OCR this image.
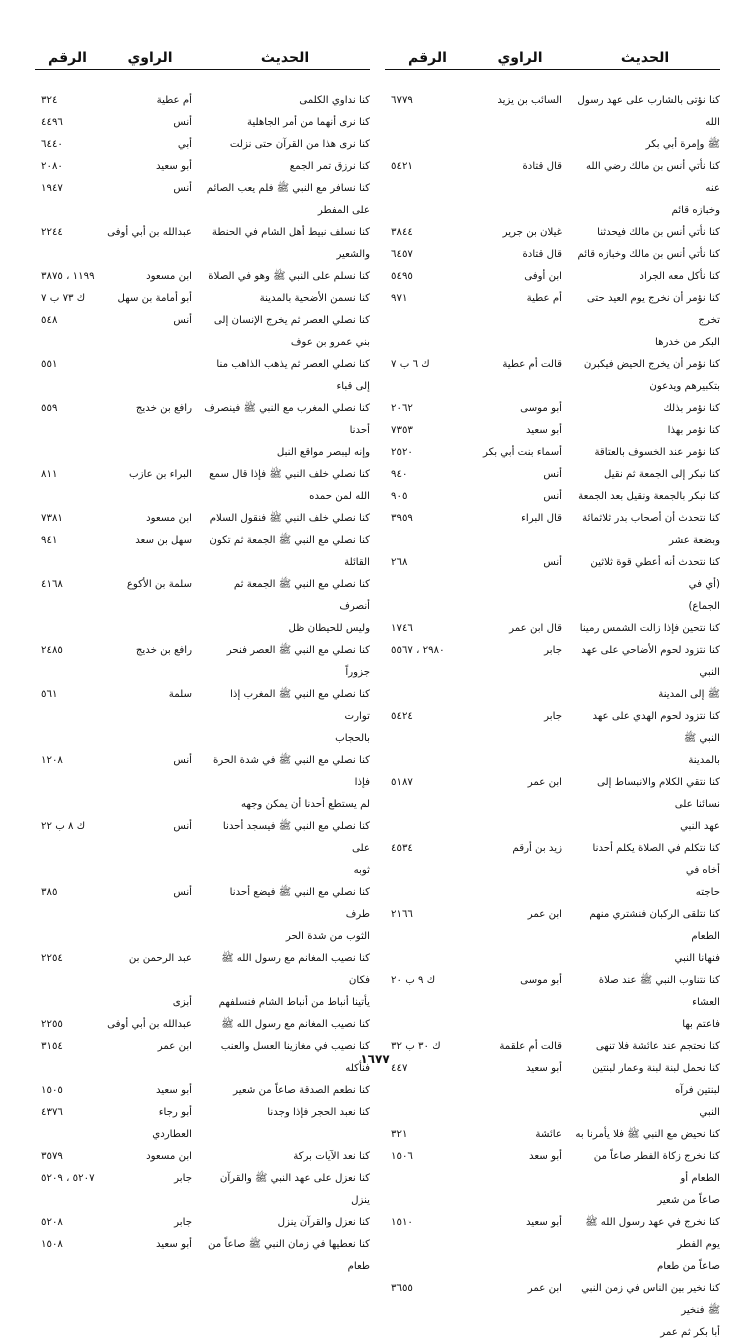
الحديث
الراوي
الرقم
كنا نؤتى بالشارب على عهد رسول الله
السائب بن يزيد
٦٧٧٩
ﷺ وإمرة أبي بكر
كنا نأتي أنس بن مالك رضي الله عنه
قال قتادة
٥٤٢١
وخبازه قائم
كنا نأتي أنس بن مالك فيحدثنا
غيلان بن جرير
٣٨٤٤
كنا نأتي أنس بن مالك وخبازه قائم
قال قتادة
٦٤٥٧
كنا نأكل معه الجراد
ابن أوفى
٥٤٩٥
كنا نؤمر أن نخرج يوم العيد حتى تخرج
أم عطية
٩٧١
البكر من خدرها
كنا نؤمر أن يخرج الحيض فيكبرن
قالت أم عطية
ك ٦ ب ٧
بتكبيرهم ويدعون
كنا نؤمر بذلك
أبو موسى
٢٠٦٢
كنا نؤمر بهذا
أبو سعيد
٧٣٥٣
كنا نؤمر عند الخسوف بالعتاقة
أسماء بنت أبي بكر
٢٥٢٠
كنا نبكر إلى الجمعة ثم نقيل
أنس
٩٤٠
كنا نبكر بالجمعة ونقيل بعد الجمعة
أنس
٩٠٥
كنا نتحدث أن أصحاب بدر ثلاثمائة
قال البراء
٣٩٥٩
وبضعة عشر
كنا نتحدث أنه أعطي قوة ثلاثين (أي في
أنس
٢٦٨
الجماع)
كنا نتحين فإذا زالت الشمس رمينا
قال ابن عمر
١٧٤٦
كنا نتزود لحوم الأضاحي على عهد النبي
جابر
٢٩٨٠ ، ٥٥٦٧
ﷺ إلى المدينة
كنا نتزود لحوم الهدي على عهد النبي ﷺ
جابر
٥٤٢٤
بالمدينة
كنا نتقي الكلام والانبساط إلى نسائنا على
ابن عمر
٥١٨٧
عهد النبي
كنا نتكلم في الصلاة يكلم أحدنا أخاه في
زيد بن أرقم
٤٥٣٤
حاجته
كنا نتلقى الركبان فنشتري منهم الطعام
ابن عمر
٢١٦٦
فنهانا النبي
كنا نتناوب النبي ﷺ عند صلاة العشاء
أبو موسى
ك ٩ ب ٢٠
فاعتم بها
كنا نحتجم عند عائشة فلا تنهى
قالت أم علقمة
ك ٣٠ ب ٣٢
كنا نحمل لبنة لبنة وعمار لبنتين لبنتين فرآه
أبو سعيد
٤٤٧
النبي
كنا نحيض مع النبي ﷺ فلا يأمرنا به
عائشة
٣٢١
كنا نخرج زكاة الفطر صاعاً من الطعام أو
أبو سعد
١٥٠٦
صاعاً من شعير
كنا نخرج في عهد رسول الله ﷺ يوم الفطر
أبو سعيد
١٥١٠
صاعاً من طعام
كنا نخير بين الناس في زمن النبي ﷺ فنخير
ابن عمر
٣٦٥٥
أبا بكر ثم عمر
الحديث
الراوي
الرقم
كنا نداوي الكلمى
أم عطية
٣٢٤
كنا نرى أنهما من أمر الجاهلية
أنس
٤٤٩٦
كنا نرى هذا من القرآن حتى نزلت
أبي
٦٤٤٠
كنا نرزق تمر الجمع
أبو سعيد
٢٠٨٠
كنا نسافر مع النبي ﷺ فلم يعب الصائم
أنس
١٩٤٧
على المفطر
كنا نسلف نبيط أهل الشام في الحنطة والشعير
عبدالله بن أبي أوفى
٢٢٤٤
كنا نسلم على النبي ﷺ وهو في الصلاة
ابن مسعود
١١٩٩ ، ٣٨٧٥
كنا نسمن الأضحية بالمدينة
أبو أمامة بن سهل
ك ٧٣ ب ٧
كنا نصلي العصر ثم يخرج الإنسان إلى
أنس
٥٤٨
بني عمرو بن عوف
كنا نصلي العصر ثم يذهب الذاهب منا
٥٥١
إلى قباء
كنا نصلي المغرب مع النبي ﷺ فينصرف أحدنا
رافع بن خديج
٥٥٩
وإنه ليبصر مواقع النبل
كنا نصلي خلف النبي ﷺ فإذا قال سمع
البراء بن عازب
٨١١
الله لمن حمده
كنا نصلي خلف النبي ﷺ فنقول السلام
ابن مسعود
٧٣٨١
كنا نصلي مع النبي ﷺ الجمعة ثم تكون
سهل بن سعد
٩٤١
القائلة
كنا نصلي مع النبي ﷺ الجمعة ثم أنصرف
سلمة بن الأكوع
٤١٦٨
وليس للحيطان ظل
كنا نصلي مع النبي ﷺ العصر فنحر جزوراً
رافع بن خديج
٢٤٨٥
كنا نصلي مع النبي ﷺ المغرب إذا توارت
سلمة
٥٦١
بالحجاب
كنا نصلي مع النبي ﷺ في شدة الحرة فإذا
أنس
١٢٠٨
لم يستطع أحدنا أن يمكن وجهه
كنا نصلي مع النبي ﷺ فيسجد أحدنا على
أنس
ك ٨ ب ٢٢
ثوبه
كنا نصلي مع النبي ﷺ فيضع أحدنا طرف
أنس
٣٨٥
الثوب من شدة الحر
كنا نصيب المغانم مع رسول الله ﷺ فكان
عبد الرحمن بن
٢٢٥٤
يأتينا أنباط من أنباط الشام فنسلفهم
أبزى
كنا نصيب المغانم مع رسول الله ﷺ
عبدالله بن أبي أوفى
٢٢٥٥
كنا نصيب في مغازينا العسل والعنب فنأكله
ابن عمر
٣١٥٤
كنا نطعم الصدقة صاعاً من شعير
أبو سعيد
١٥٠٥
كنا نعبد الحجر فإذا وجدنا
أبو رجاء
٤٣٧٦
العطاردي
كنا نعد الآيات بركة
ابن مسعود
٣٥٧٩
كنا نعزل على عهد النبي ﷺ والقرآن ينزل
جابر
٥٢٠٧ ، ٥٢٠٩
كنا نعزل والقرآن ينزل
جابر
٥٢٠٨
كنا نعطيها في زمان النبي ﷺ صاعاً من
أبو سعيد
١٥٠٨
طعام
١٦٧٧
